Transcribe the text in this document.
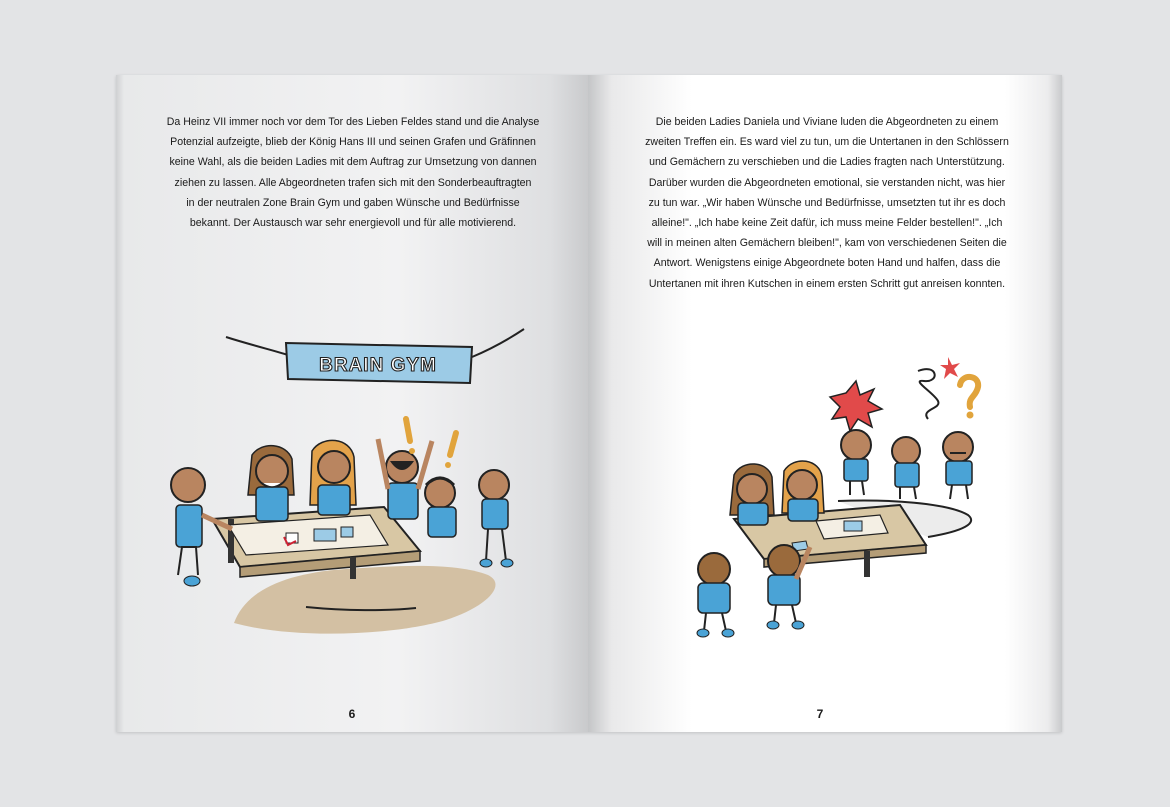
Da Heinz VII immer noch vor dem Tor des Lieben Feldes stand und die Analyse
Potenzial aufzeigte, blieb der König Hans III und seinen Grafen und Gräfinnen
keine Wahl, als die beiden Ladies mit dem Auftrag zur Umsetzung von dannen
ziehen zu lassen. Alle Abgeordneten trafen sich mit den Sonderbeauftragten
in der neutralen Zone Brain Gym und gaben Wünsche und Bedürfnisse
bekannt. Der Austausch war sehr energievoll und für alle motivierend.
BRAIN GYM
6
Die beiden Ladies Daniela und Viviane luden die Abgeordneten zu einem
zweiten Treffen ein. Es ward viel zu tun, um die Untertanen in den Schlössern
und Gemächern zu verschieben und die Ladies fragten nach Unterstützung.
Darüber wurden die Abgeordneten emotional, sie verstanden nicht, was hier
zu tun war. „Wir haben Wünsche und Bedürfnisse, umsetzten tut ihr es doch
alleine!". „Ich habe keine Zeit dafür, ich muss meine Felder bestellen!". „Ich
will in meinen alten Gemächern bleiben!", kam von verschiedenen Seiten die
Antwort. Wenigstens einige Abgeordnete boten Hand und halfen, dass die
Untertanen mit ihren Kutschen in einem ersten Schritt gut anreisen konnten.
7
